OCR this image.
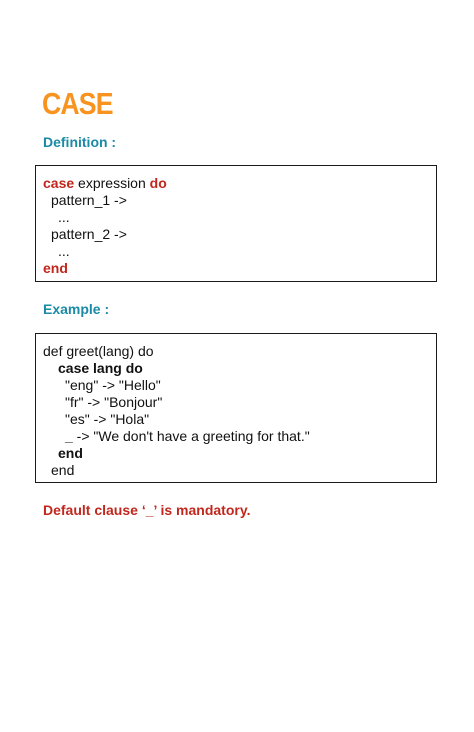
CASE
Definition :
case expression do
pattern_1 ->
...
pattern_2 ->
...
end
Example :
def greet(lang) do
case lang do
"eng" -> "Hello"
"fr" -> "Bonjour"
"es" -> "Hola"
_ -> "We don't have a greeting for that."
end
end
Default clause ‘_’ is mandatory.
